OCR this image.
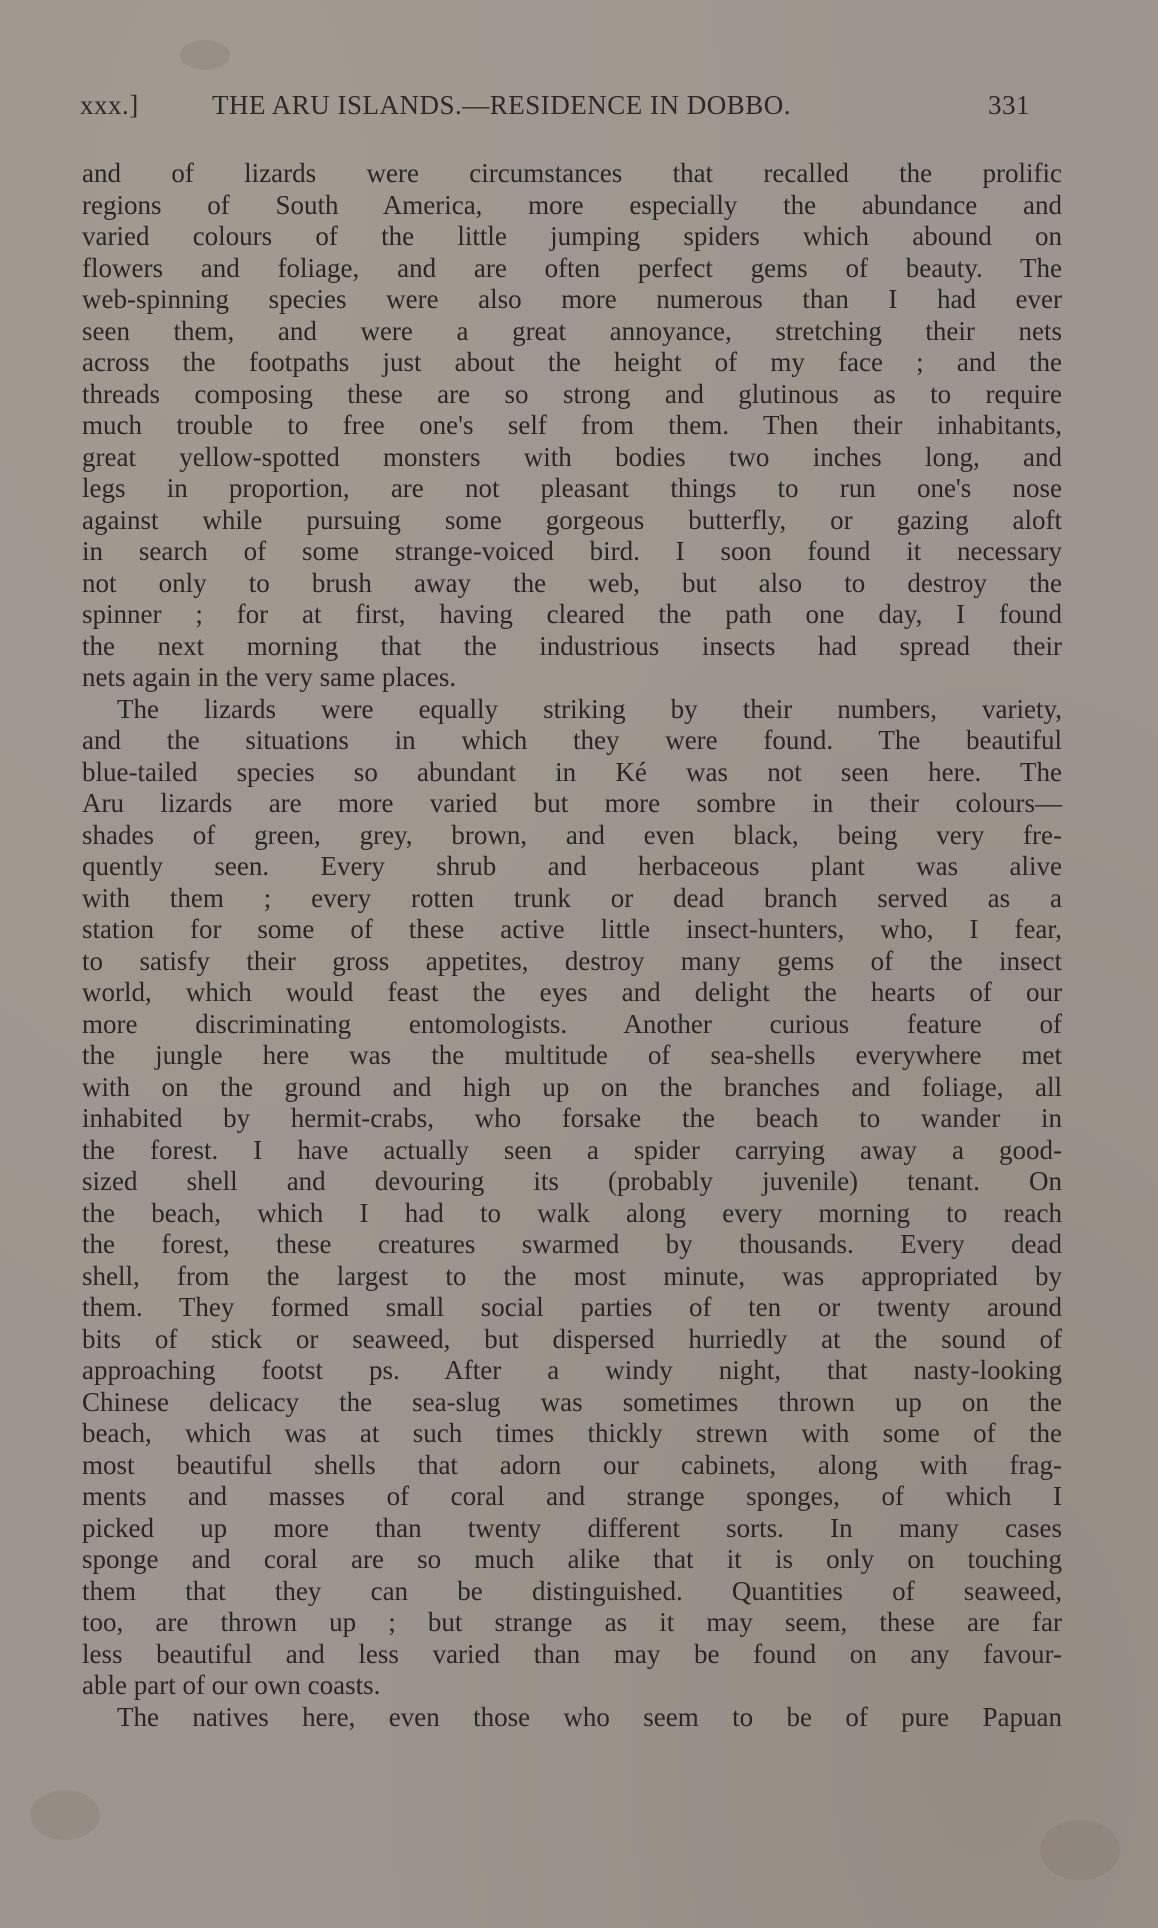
xxx.]	THE ARU ISLANDS.—RESIDENCE IN DOBBO.	331
and of lizards were circumstances that recalled the prolific
regions of South America, more especially the abundance and
varied colours of the little jumping spiders which abound on
flowers and foliage, and are often perfect gems of beauty. The
web-spinning species were also more numerous than I had ever
seen them, and were a great annoyance, stretching their nets
across the footpaths just about the height of my face ; and the
threads composing these are so strong and glutinous as to require
much trouble to free one's self from them. Then their inhabitants,
great yellow-spotted monsters with bodies two inches long, and
legs in proportion, are not pleasant things to run one's nose
against while pursuing some gorgeous butterfly, or gazing aloft
in search of some strange-voiced bird. I soon found it necessary
not only to brush away the web, but also to destroy the
spinner ; for at first, having cleared the path one day, I found
the next morning that the industrious insects had spread their
nets again in the very same places.
The lizards were equally striking by their numbers, variety,
and the situations in which they were found. The beautiful
blue-tailed species so abundant in Ké was not seen here. The
Aru lizards are more varied but more sombre in their colours—
shades of green, grey, brown, and even black, being very fre-
quently seen. Every shrub and herbaceous plant was alive
with them ; every rotten trunk or dead branch served as a
station for some of these active little insect-hunters, who, I fear,
to satisfy their gross appetites, destroy many gems of the insect
world, which would feast the eyes and delight the hearts of our
more discriminating entomologists. Another curious feature of
the jungle here was the multitude of sea-shells everywhere met
with on the ground and high up on the branches and foliage, all
inhabited by hermit-crabs, who forsake the beach to wander in
the forest. I have actually seen a spider carrying away a good-
sized shell and devouring its (probably juvenile) tenant. On
the beach, which I had to walk along every morning to reach
the forest, these creatures swarmed by thousands. Every dead
shell, from the largest to the most minute, was appropriated by
them. They formed small social parties of ten or twenty around
bits of stick or seaweed, but dispersed hurriedly at the sound of
approaching footst ps. After a windy night, that nasty-looking
Chinese delicacy the sea-slug was sometimes thrown up on the
beach, which was at such times thickly strewn with some of the
most beautiful shells that adorn our cabinets, along with frag-
ments and masses of coral and strange sponges, of which I
picked up more than twenty different sorts. In many cases
sponge and coral are so much alike that it is only on touching
them that they can be distinguished. Quantities of seaweed,
too, are thrown up ; but strange as it may seem, these are far
less beautiful and less varied than may be found on any favour-
able part of our own coasts.
The natives here, even those who seem to be of pure Papuan
